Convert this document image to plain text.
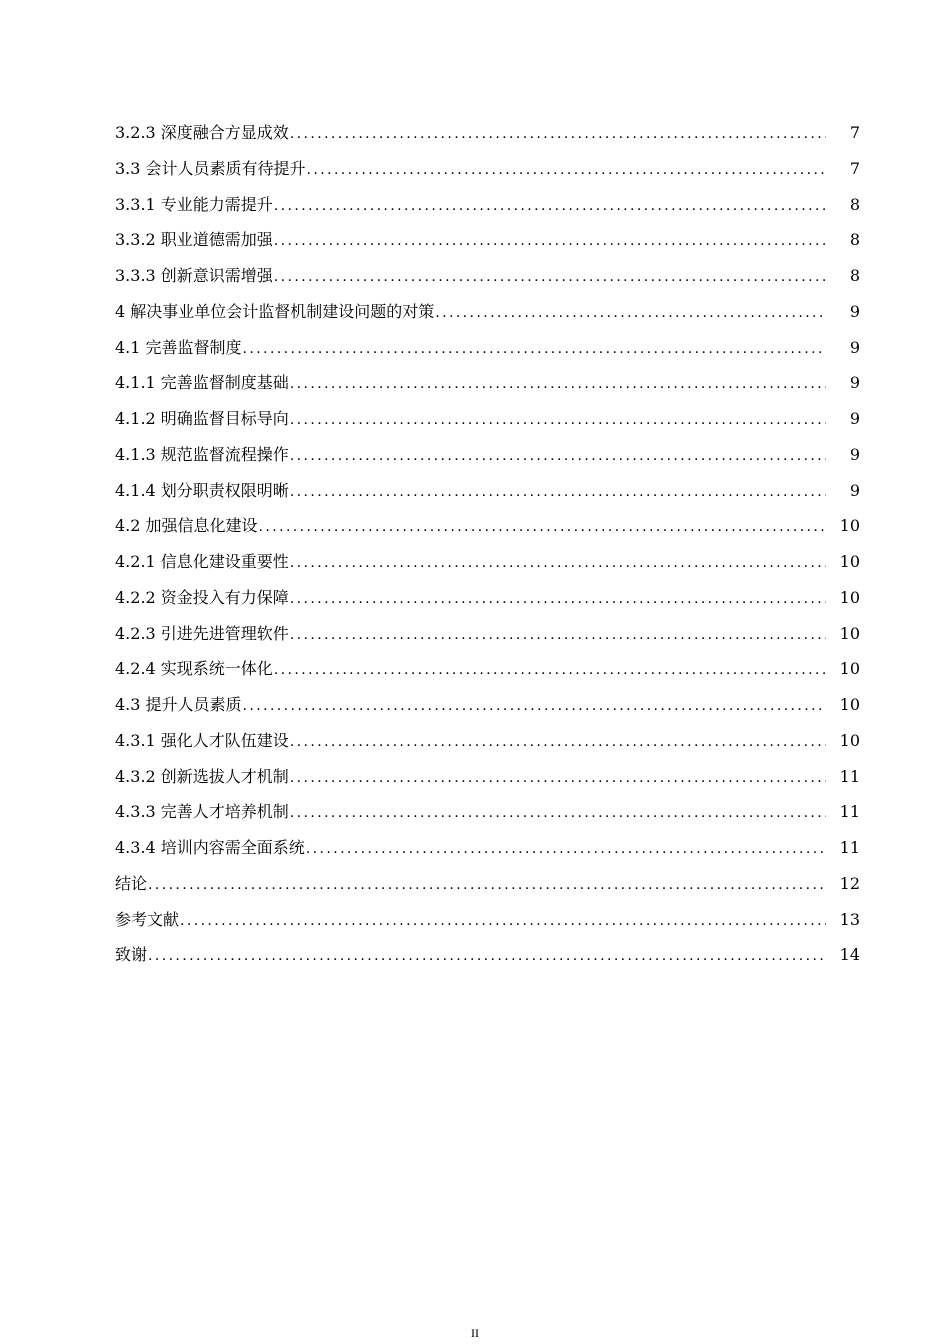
3.2.3 深度融合方显成效 .....	7
3.3 会计人员素质有待提升 .....	7
3.3.1 专业能力需提升 .....	8
3.3.2 职业道德需加强 .....	8
3.3.3 创新意识需增强 .....	8
4 解决事业单位会计监督机制建设问题的对策 .....	9
4.1 完善监督制度 .....	9
4.1.1 完善监督制度基础 .....	9
4.1.2 明确监督目标导向 .....	9
4.1.3 规范监督流程操作 .....	9
4.1.4 划分职责权限明晰 .....	9
4.2 加强信息化建设 .....	10
4.2.1 信息化建设重要性 .....	10
4.2.2 资金投入有力保障 .....	10
4.2.3 引进先进管理软件 .....	10
4.2.4 实现系统一体化 .....	10
4.3 提升人员素质 .....	10
4.3.1 强化人才队伍建设 .....	10
4.3.2 创新选拔人才机制 .....	11
4.3.3 完善人才培养机制 .....	11
4.3.4 培训内容需全面系统 .....	11
结论 .....	12
参考文献 .....	13
致谢 .....	14
II
